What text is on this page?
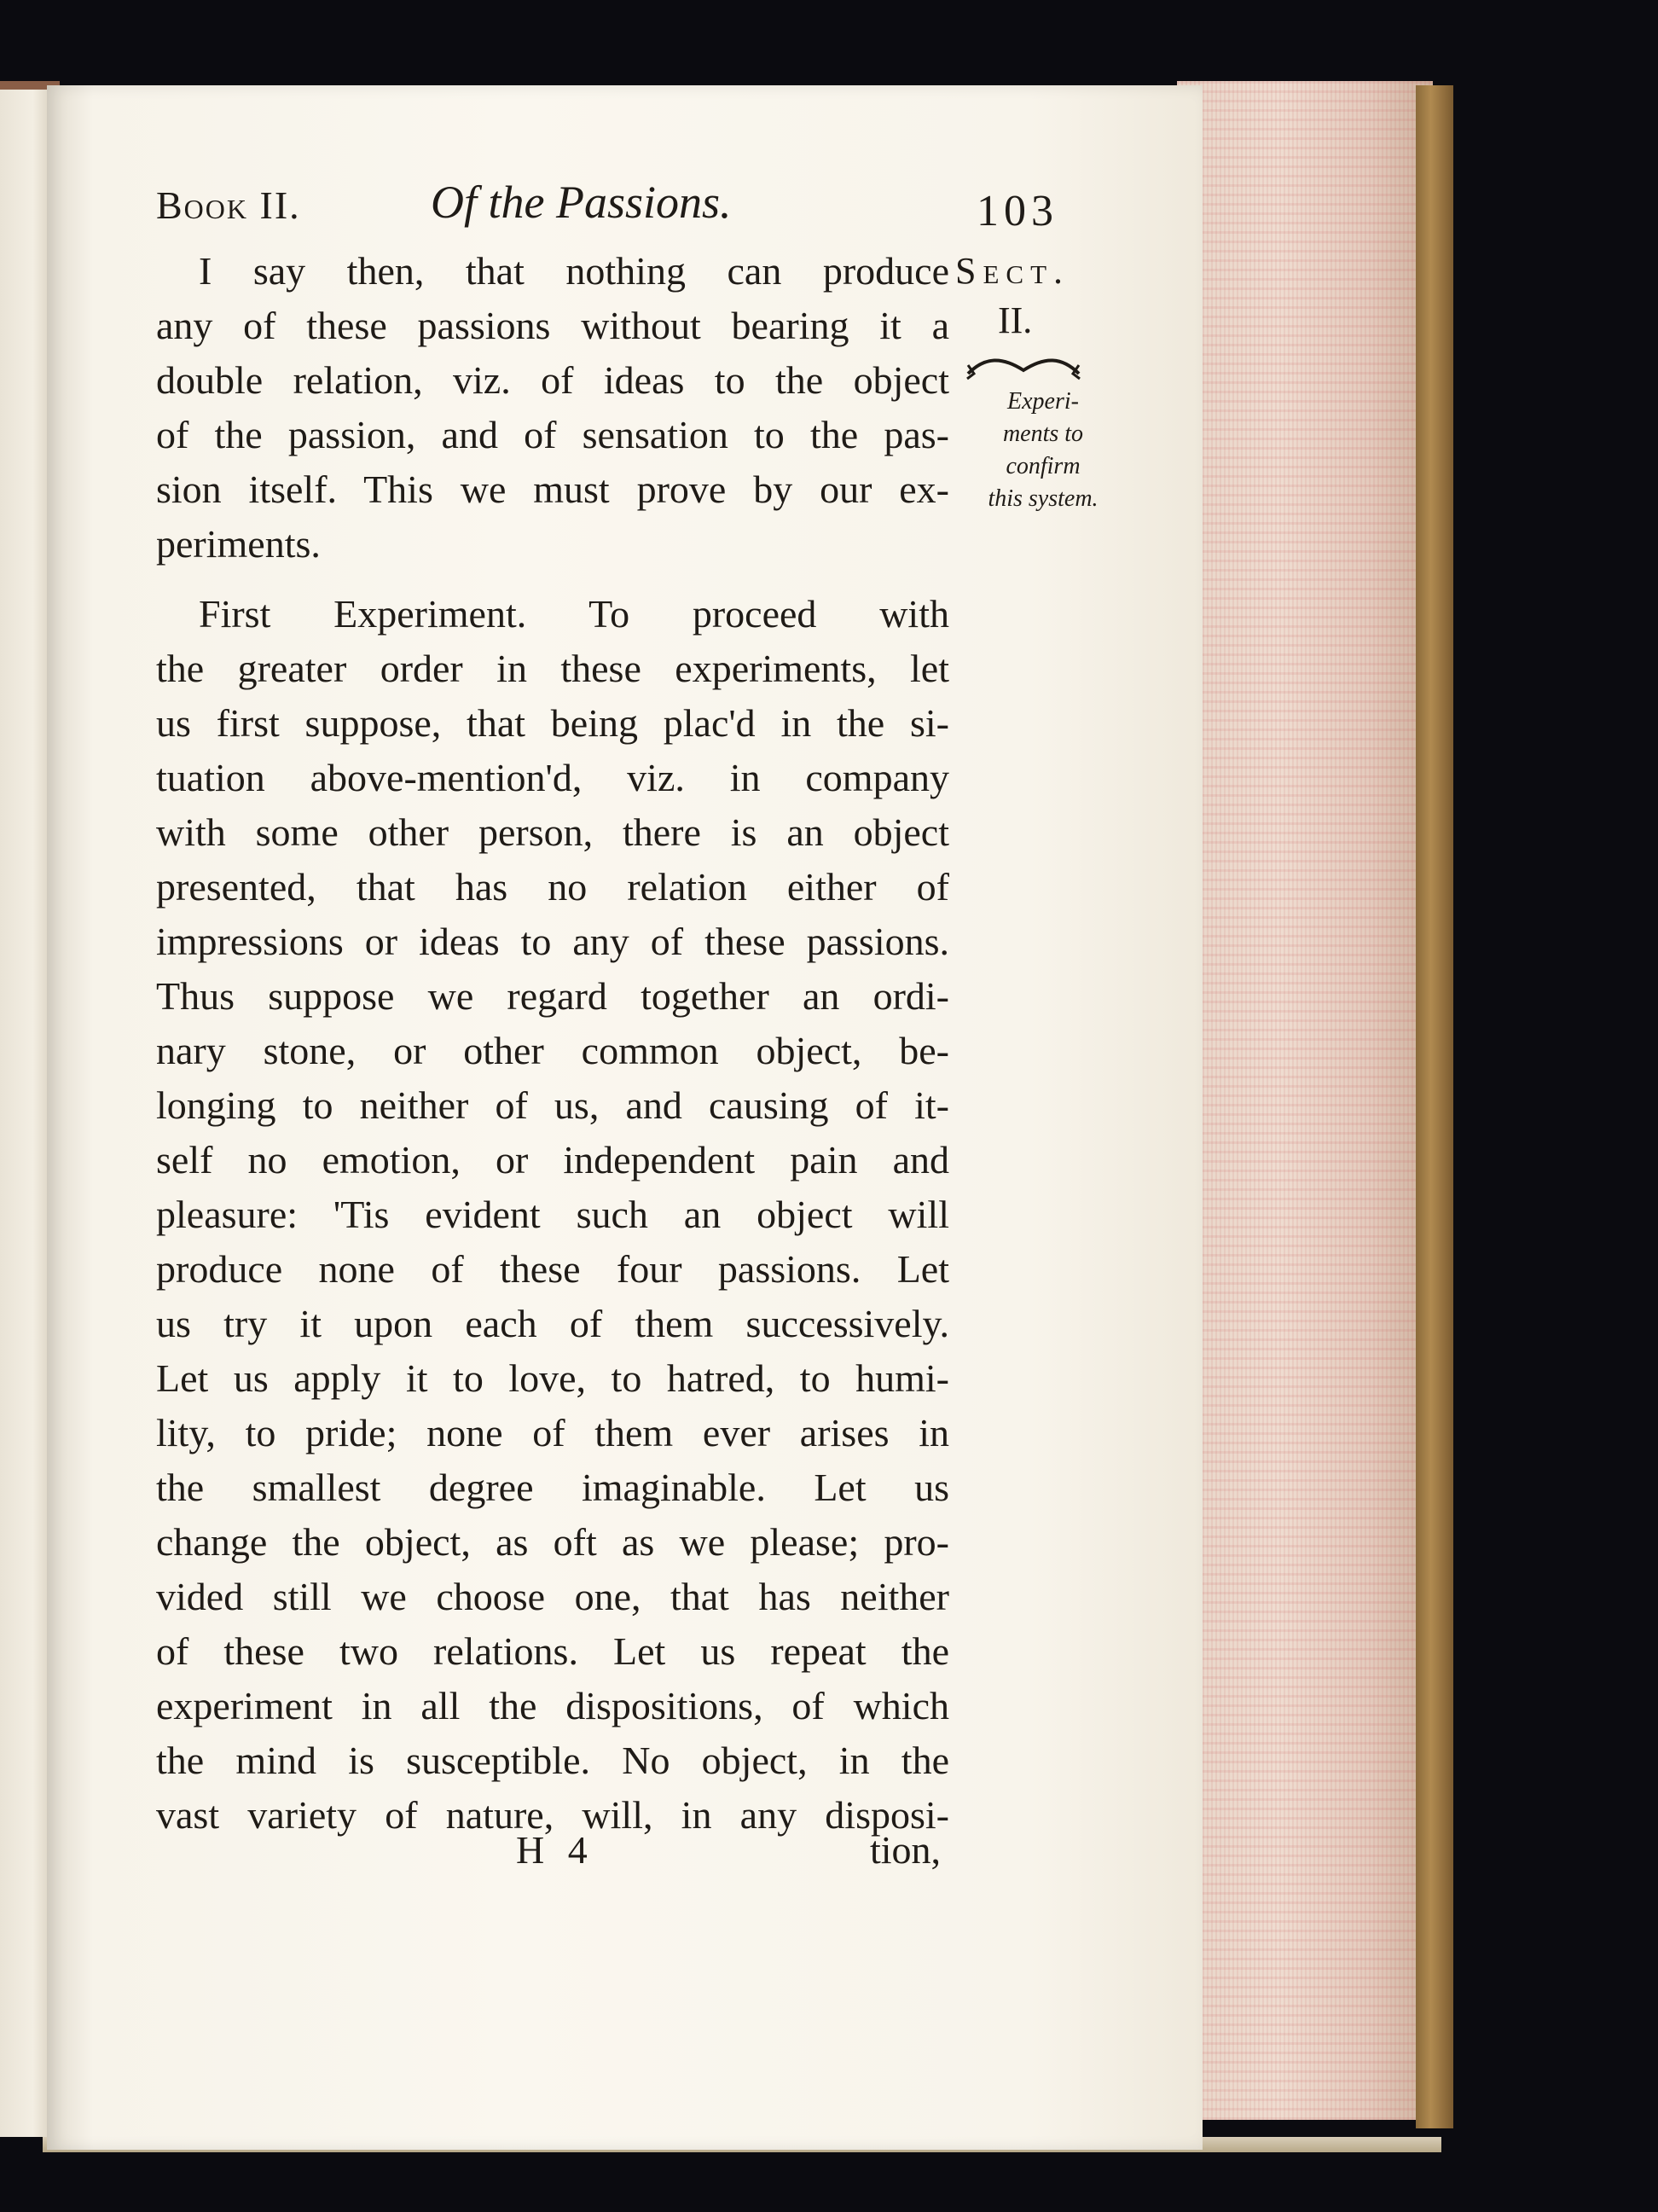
Book II.	Of the Passions.	103
Sect.
II.
Experi-
ments to
confirm
this system.
I say then, that nothing can produce
any of these passions without bearing it a
double relation, viz. of ideas to the object
of the passion, and of sensation to the pas-
sion itself. This we must prove by our ex-
periments.
First Experiment. To proceed with
the greater order in these experiments, let
us first suppose, that being plac'd in the si-
tuation above-mention'd, viz. in company
with some other person, there is an object
presented, that has no relation either of
impressions or ideas to any of these passions.
Thus suppose we regard together an ordi-
nary stone, or other common object, be-
longing to neither of us, and causing of it-
self no emotion, or independent pain and
pleasure: 'Tis evident such an object will
produce none of these four passions. Let
us try it upon each of them successively.
Let us apply it to love, to hatred, to humi-
lity, to pride; none of them ever arises in
the smallest degree imaginable. Let us
change the object, as oft as we please; pro-
vided still we choose one, that has neither
of these two relations. Let us repeat the
experiment in all the dispositions, of which
the mind is susceptible. No object, in the
vast variety of nature, will, in any disposi-
H 4	tion,
